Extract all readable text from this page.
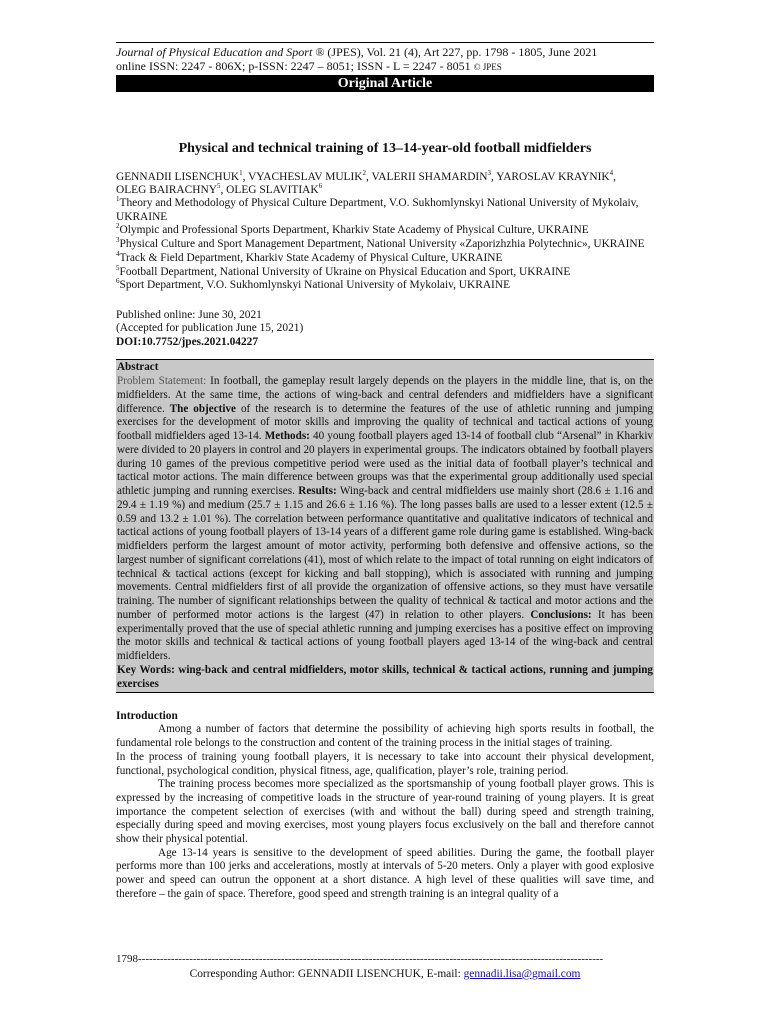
Journal of Physical Education and Sport ® (JPES), Vol. 21 (4), Art 227, pp. 1798 - 1805, June 2021
online ISSN: 2247 - 806X; p-ISSN: 2247 – 8051; ISSN - L = 2247 - 8051 © JPES
Original Article
Physical and technical training of 13–14-year-old football midfielders
GENNADII LISENCHUK$^1$, VYACHESLAV MULIK$^2$, VALERII SHAMARDIN$^3$, YAROSLAV KRAYNIK$^4$,
OLEG BAIRACHNY$^5$, OLEG SLAVITIAK$^6$

$^1$Theory and Methodology of Physical Culture Department, V.O. Sukhomlynskyi National University of Mykolaiv, UKRAINE

$^2$Olympic and Professional Sports Department, Kharkiv State Academy of Physical Culture, UKRAINE

$^3$Physical Culture and Sport Management Department, National University «Zaporizhzhia Polytechnic», UKRAINE

$^4$Track & Field Department, Kharkiv State Academy of Physical Culture, UKRAINE

$^5$Football Department, National University of Ukraine on Physical Education and Sport, UKRAINE

$^6$Sport Department, V.O. Sukhomlynskyi National University of Mykolaiv, UKRAINE

Published online: June 30, 2021

(Accepted for publication June 15, 2021)

DOI:10.7752/jpes.2021.04227

Abstract

Problem Statement: In football, the gameplay result largely depends on the players in the middle line, that is, on the midfielders. At the same time, the actions of wing-back and central defenders and midfielders have a significant difference. The objective of the research is to determine the features of the use of athletic running and jumping exercises for the development of motor skills and improving the quality of technical and tactical actions of young football midfielders aged 13-14. Methods: 40 young football players aged 13-14 of football club “Arsenal” in Kharkiv were divided to 20 players in control and 20 players in experimental groups. The indicators obtained by football players during 10 games of the previous competitive period were used as the initial data of football player’s technical and tactical motor actions. The main difference between groups was that the experimental group additionally used special athletic jumping and running exercises. Results: Wing-back and central midfielders use mainly short (28.6 ± 1.16 and 29.4 ± 1.19 %) and medium (25.7 ± 1.15 and 26.6 ± 1.16 %). The long passes balls are used to a lesser extent (12.5 ± 0.59 and 13.2 ± 1.01 %). The correlation between performance quantitative and qualitative indicators of technical and tactical actions of young football players of 13-14 years of a different game role during game is established. Wing-back midfielders perform the largest amount of motor activity, performing both defensive and offensive actions, so the largest number of significant correlations (41), most of which relate to the impact of total running on eight indicators of technical & tactical actions (except for kicking and ball stopping), which is associated with running and jumping movements. Central midfielders first of all provide the organization of offensive actions, so they must have versatile training. The number of significant relationships between the quality of technical & tactical and motor actions and the number of performed motor actions is the largest (47) in relation to other players. Conclusions: It has been experimentally proved that the use of special athletic running and jumping exercises has a positive effect on improving the motor skills and technical & tactical actions of young football players aged 13-14 of the wing-back and central midfielders.

Key Words: wing-back and central midfielders, motor skills, technical & tactical actions, running and jumping exercises

Introduction

Among a number of factors that determine the possibility of achieving high sports results in football, the fundamental role belongs to the construction and content of the training process in the initial stages of training.

In the process of training young football players, it is necessary to take into account their physical development, functional, psychological condition, physical fitness, age, qualification, player’s role, training period.

The training process becomes more specialized as the sportsmanship of young football player grows. This is expressed by the increasing of competitive loads in the structure of year-round training of young players. It is great importance the competent selection of exercises (with and without the ball) during speed and strength training, especially during speed and moving exercises, most young players focus exclusively on the ball and therefore cannot show their physical potential.

Age 13-14 years is sensitive to the development of speed abilities. During the game, the football player performs more than 100 jerks and accelerations, mostly at intervals of 5-20 meters. Only a player with good explosive power and speed can outrun the opponent at a short distance. A high level of these qualities will save time, and therefore – the gain of space. Therefore, good speed and strength training is an integral quality of a

1798-------------------------------------------------------------------------------------------------------------------------------
Corresponding Author: GENNADII LISENCHUK, E-mail: gennadii.lisa@gmail.com
